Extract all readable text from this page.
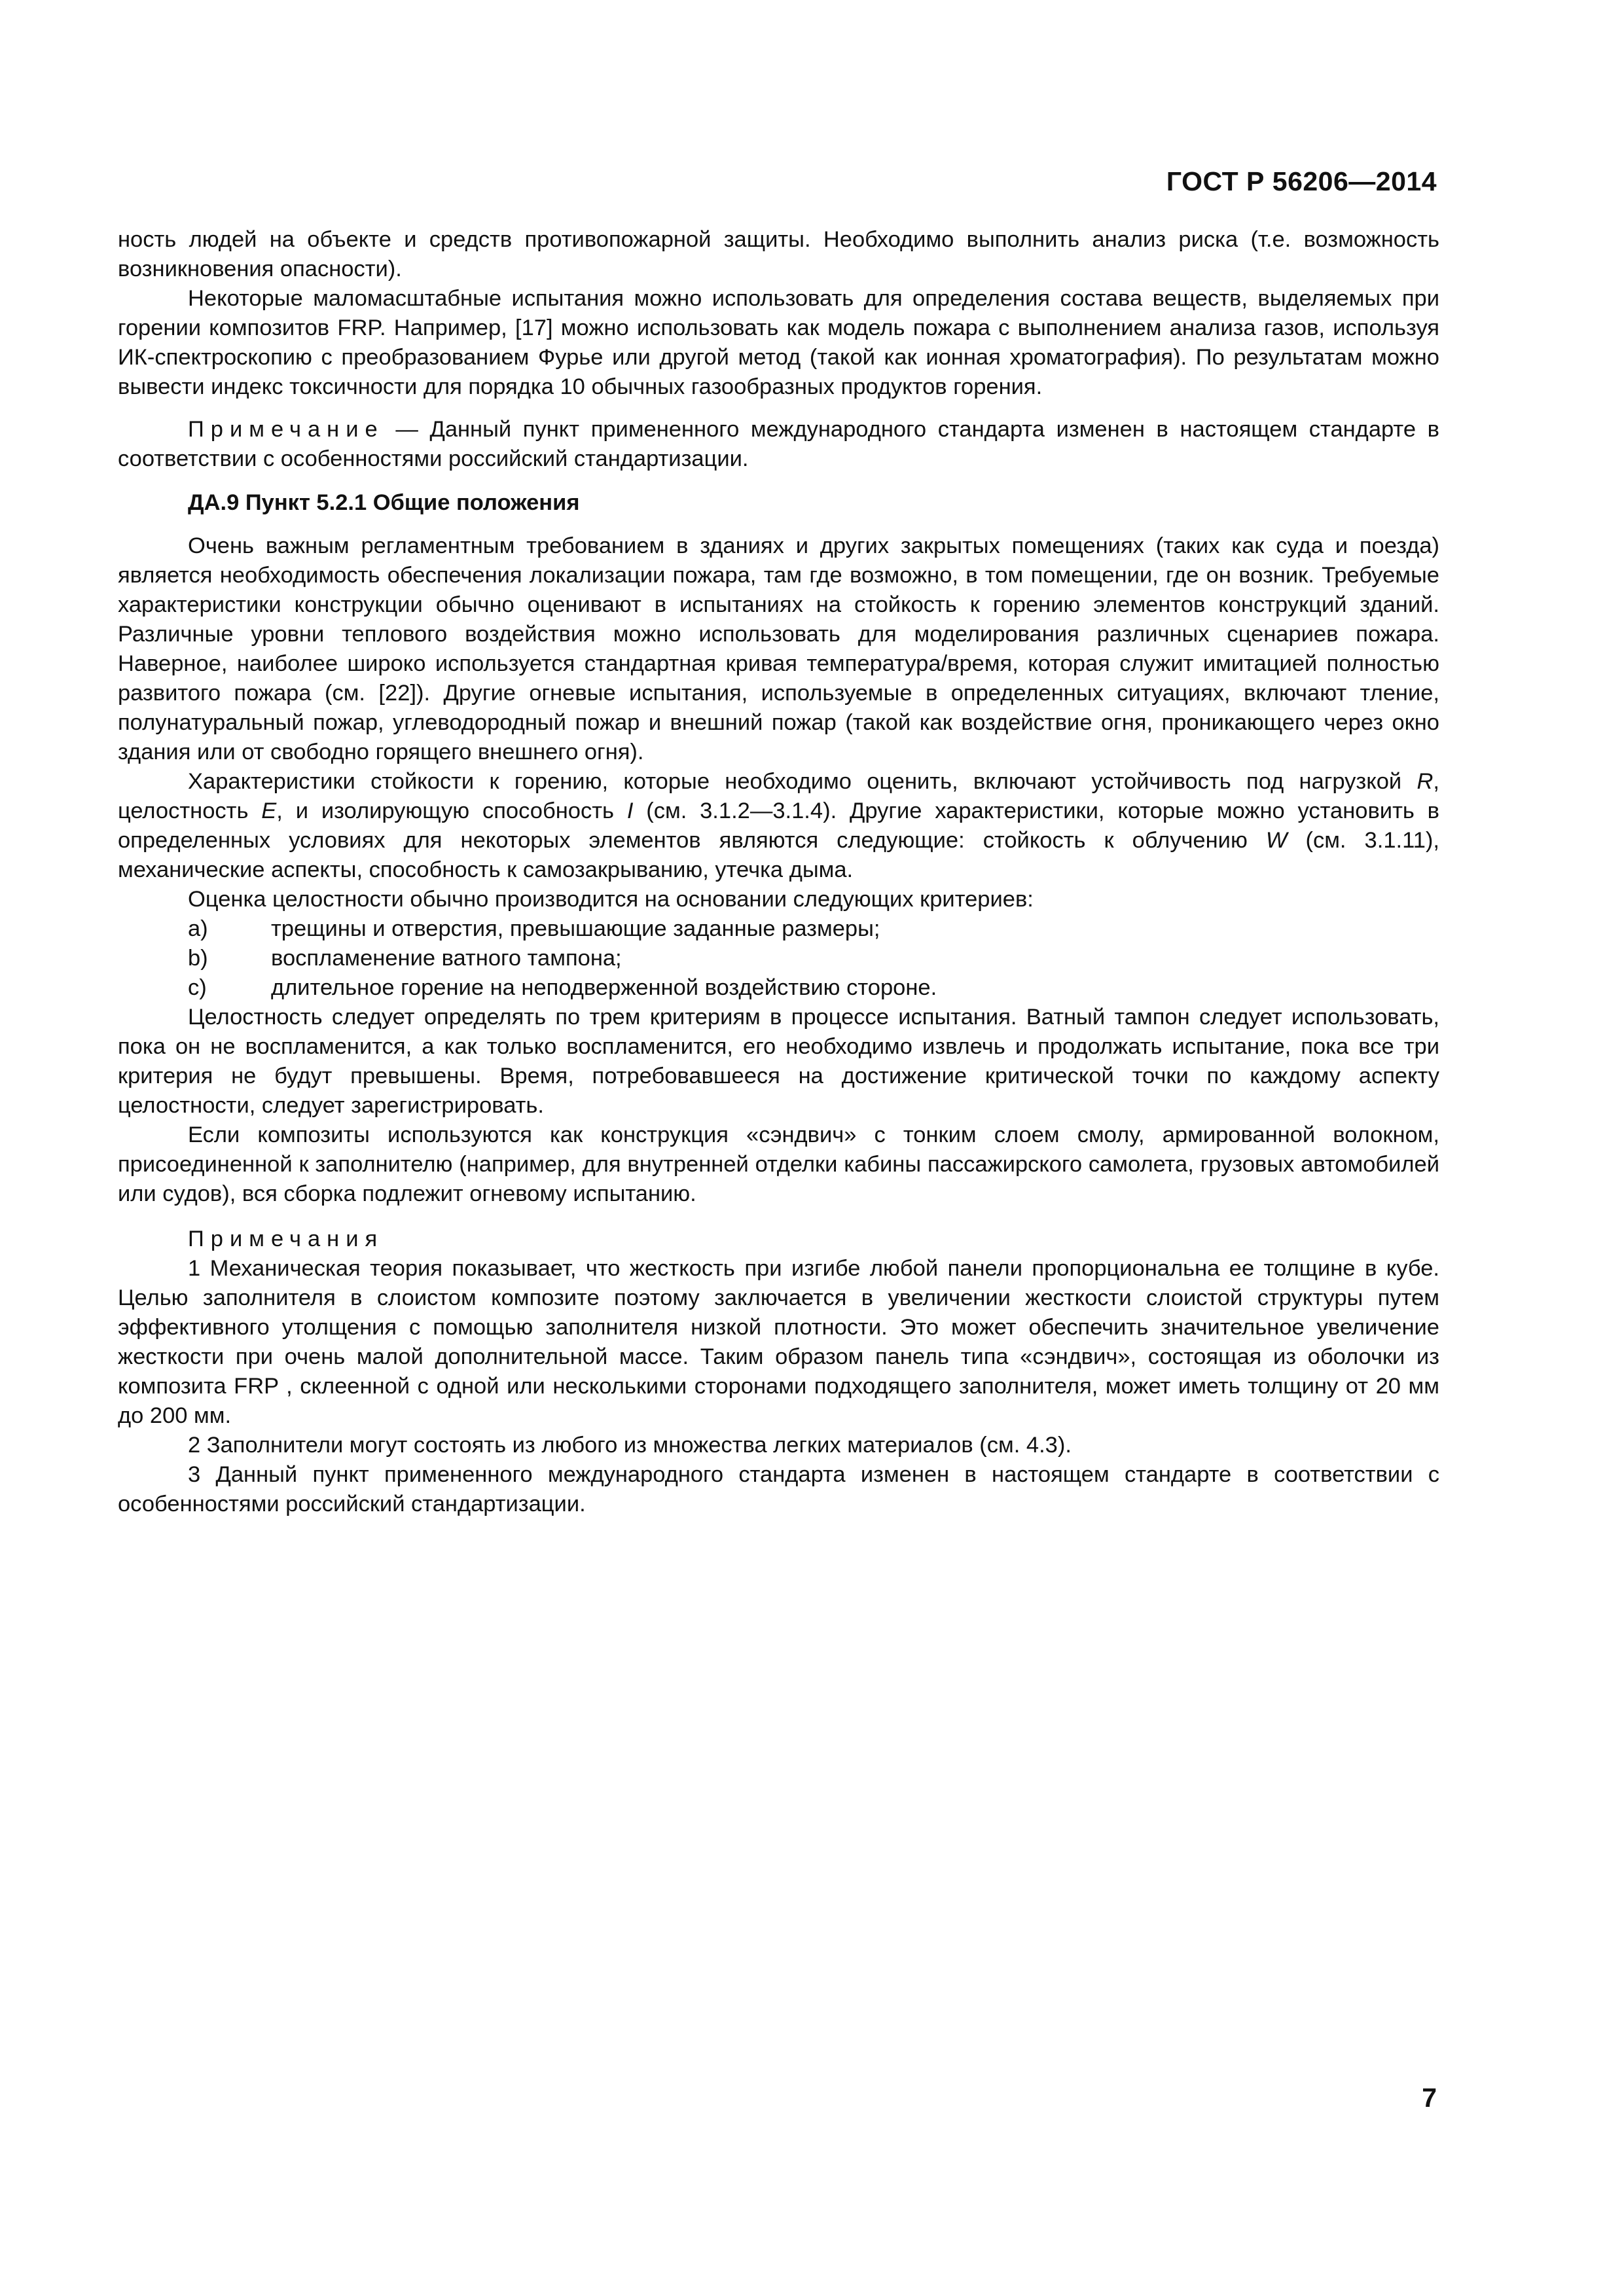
ГОСТ Р 56206—2014

ность людей на объекте и средств противопожарной защиты. Необходимо выполнить анализ риска (т.е. возможность возникновения опасности).

Некоторые маломасштабные испытания можно использовать для определения состава веществ, выделяемых при горении композитов FRP. Например, [17] можно использовать как модель пожара с выполнением анализа газов, используя ИК-спектроскопию с преобразованием Фурье или другой метод (такой как ионная хроматография). По результатам можно вывести индекс токсичности для порядка 10 обычных газообразных продуктов горения.

Примечание — Данный пункт примененного международного стандарта изменен в настоящем стандарте в соответствии с особенностями российский стандартизации.

ДА.9 Пункт 5.2.1 Общие положения

Очень важным регламентным требованием в зданиях и других закрытых помещениях (таких как суда и поезда) является необходимость обеспечения локализации пожара, там где возможно, в том помещении, где он возник. Требуемые характеристики конструкции обычно оценивают в испытаниях на стойкость к горению элементов конструкций зданий. Различные уровни теплового воздействия можно использовать для моделирования различных сценариев пожара. Наверное, наиболее широко используется стандартная кривая температура/время, которая служит имитацией полностью развитого пожара (см. [22]). Другие огневые испытания, используемые в определенных ситуациях, включают тление, полунатуральный пожар, углеводородный пожар и внешний пожар (такой как воздействие огня, проникающего через окно здания или от свободно горящего внешнего огня).

Характеристики стойкости к горению, которые необходимо оценить, включают устойчивость под нагрузкой R, целостность E, и изолирующую способность I (см. 3.1.2—3.1.4). Другие характеристики, которые можно установить в определенных условиях для некоторых элементов являются следующие: стойкость к облучению W (см. 3.1.11), механические аспекты, способность к самозакрыванию, утечка дыма.

Оценка целостности обычно производится на основании следующих критериев:

a)	трещины и отверстия, превышающие заданные размеры;
b)	воспламенение ватного тампона;
c)	длительное горение на неподверженной воздействию стороне.

Целостность следует определять по трем критериям в процессе испытания. Ватный тампон следует использовать, пока он не воспламенится, а как только воспламенится, его необходимо извлечь и продолжать испытание, пока все три критерия не будут превышены. Время, потребовавшееся на достижение критической точки по каждому аспекту целостности, следует зарегистрировать.

Если композиты используются как конструкция «сэндвич» с тонким слоем смолу, армированной волокном, присоединенной к заполнителю (например, для внутренней отделки кабины пассажирского самолета, грузовых автомобилей или судов), вся сборка подлежит огневому испытанию.

Примечания

1 Механическая теория показывает, что жесткость при изгибе любой панели пропорциональна ее толщине в кубе. Целью заполнителя в слоистом композите поэтому заключается в увеличении жесткости слоистой структуры путем эффективного утолщения с помощью заполнителя низкой плотности. Это может обеспечить значительное увеличение жесткости при очень малой дополнительной массе. Таким образом панель типа «сэндвич», состоящая из оболочки из композита FRP , склеенной с одной или несколькими сторонами подходящего заполнителя, может иметь толщину от 20 мм до 200 мм.

2 Заполнители могут состоять из любого из множества легких материалов (см. 4.3).

3 Данный пункт примененного международного стандарта изменен в настоящем стандарте в соответствии с особенностями российский стандартизации.

7
